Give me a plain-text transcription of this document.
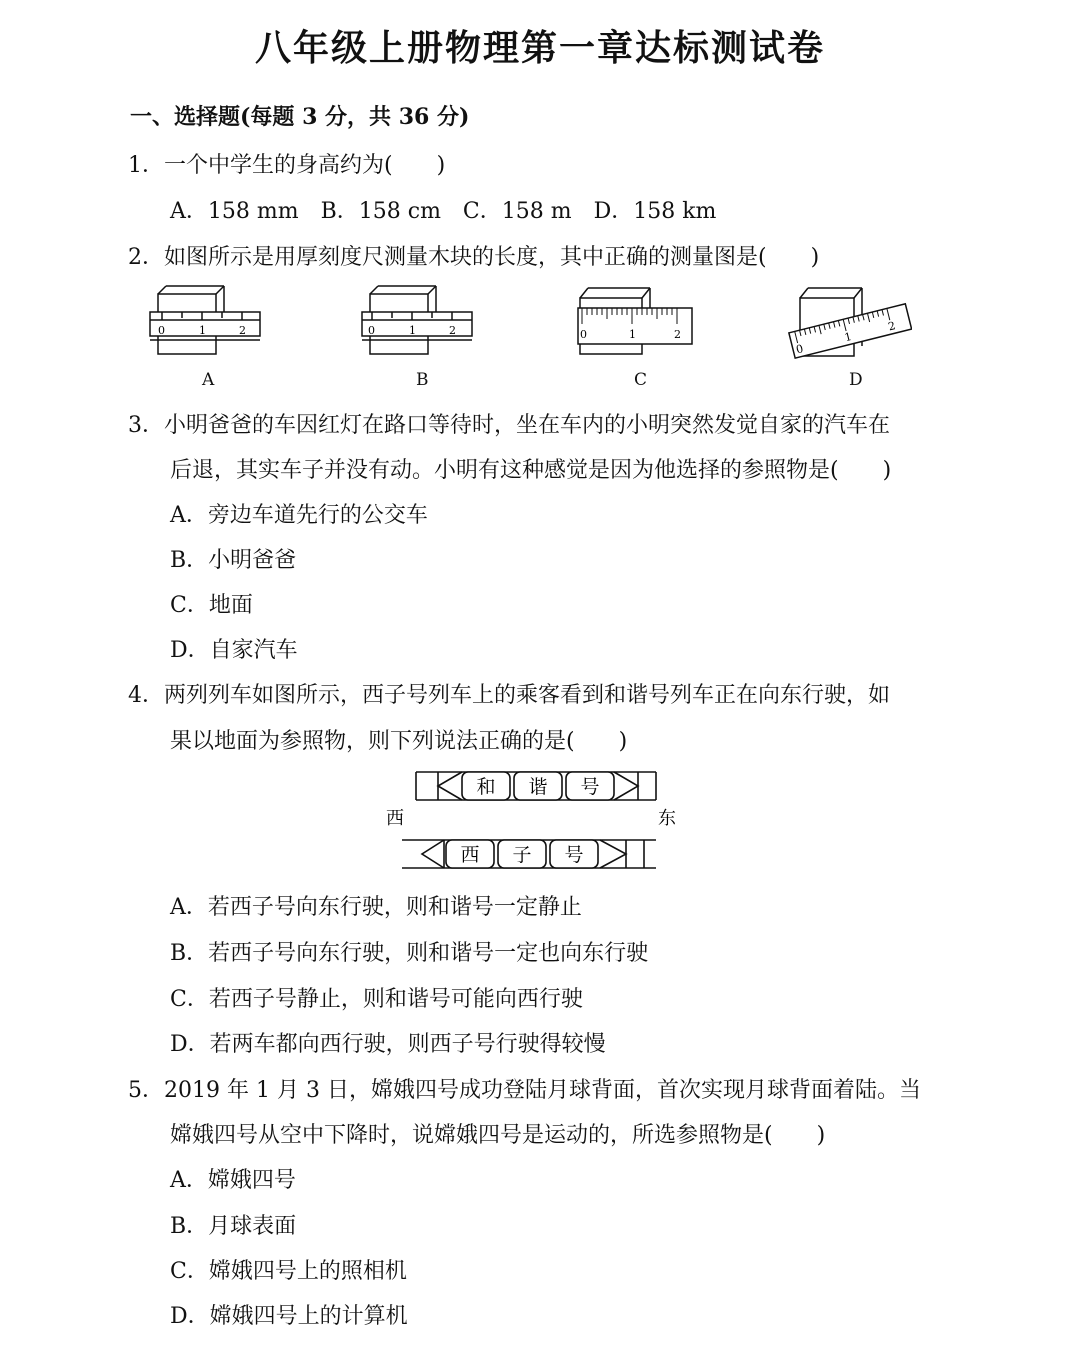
八年级上册物理第一章达标测试卷
一、选择题(每题 3 分，共 36 分)
1．一个中学生的身高约为(　　)
A．158 mm　B．158 cm　C．158 m　D．158 km
2．如图所示是用厚刻度尺测量木块的长度，其中正确的测量图是(　　)
0	1	2
A
0	1	2
B
0	1	2
C
0
1
2
D
3．小明爸爸的车因红灯在路口等待时，坐在车内的小明突然发觉自家的汽车在
后退，其实车子并没有动。小明有这种感觉是因为他选择的参照物是(　　)
A．旁边车道先行的公交车
B．小明爸爸
C．地面
D．自家汽车
4．两列列车如图所示，西子号列车上的乘客看到和谐号列车正在向东行驶，如
果以地面为参照物，则下列说法正确的是(　　)
和 谐 号
西 子 号
西	东
A．若西子号向东行驶，则和谐号一定静止
B．若西子号向东行驶，则和谐号一定也向东行驶
C．若西子号静止，则和谐号可能向西行驶
D．若两车都向西行驶，则西子号行驶得较慢
5．2019 年 1 月 3 日，嫦娥四号成功登陆月球背面，首次实现月球背面着陆。当
嫦娥四号从空中下降时，说嫦娥四号是运动的，所选参照物是(　　)
A．嫦娥四号
B．月球表面
C．嫦娥四号上的照相机
D．嫦娥四号上的计算机
